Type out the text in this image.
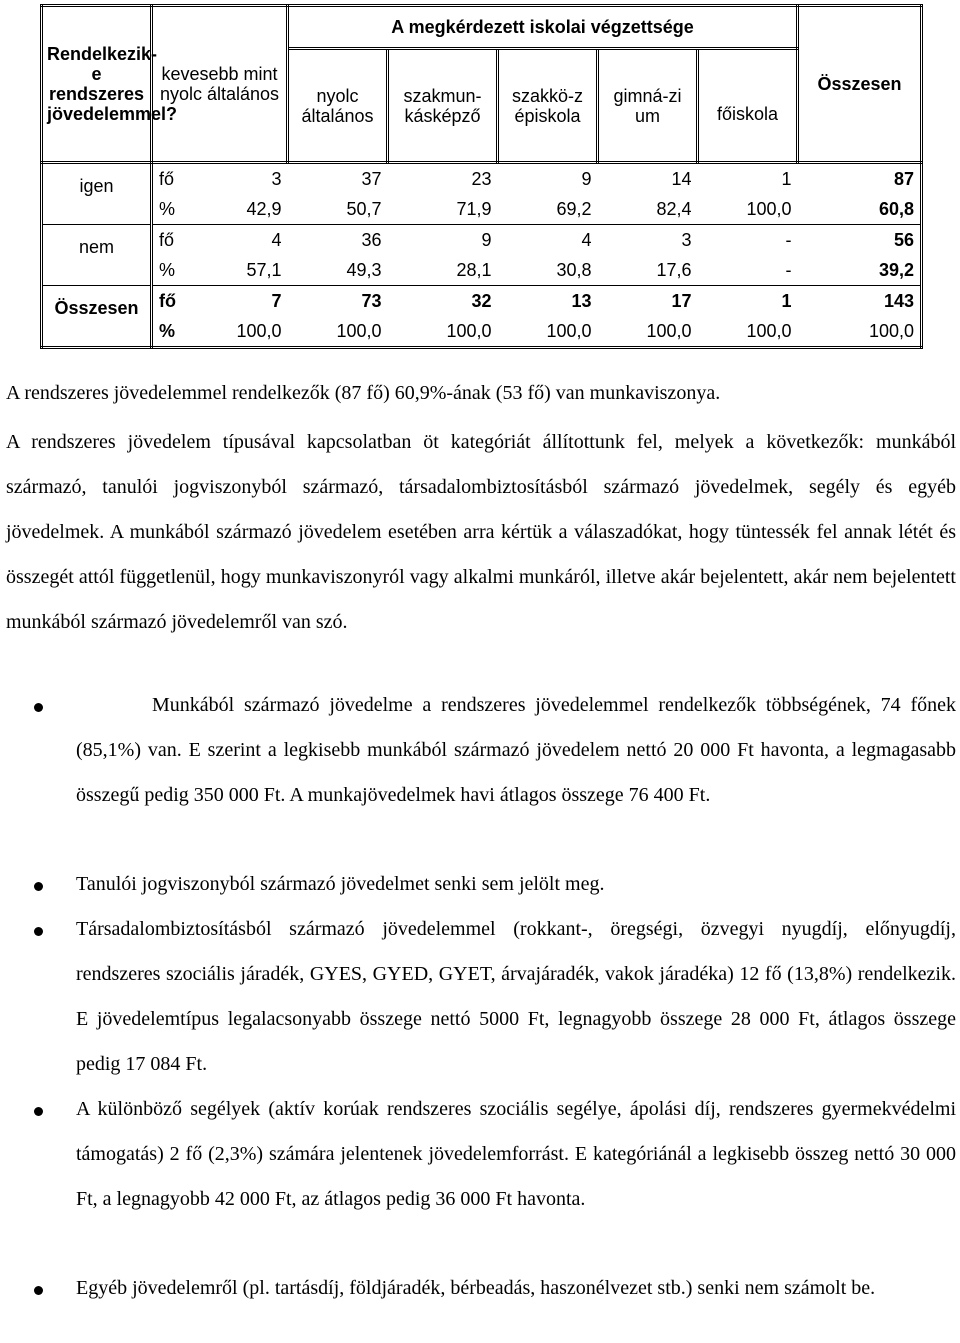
Rendelkezik-e rendszeres jövedelemmel?	kevesebb mint nyolc általános		A megkérdezett iskolai végzettsége					Összesen
			nyolc általános	szakmun-kásképző	szakkö-z épiskola	gimná-zi um	főiskola	
igen	fő	3	37	23	9	14	1	87
	%	42,9	50,7	71,9	69,2	82,4	100,0	60,8
nem	fő	4	36	9	4	3	-	56
	%	57,1	49,3	28,1	30,8	17,6	-	39,2
Összesen	fő	7	73	32	13	17	1	143
	%	100,0	100,0	100,0	100,0	100,0	100,0	100,0
A rendszeres jövedelemmel rendelkezők (87 fő) 60,9%-ának (53 fő) van munkaviszonya.
A rendszeres jövedelem típusával kapcsolatban öt kategóriát állítottunk fel, melyek a következők: munkából származó, tanulói jogviszonyból származó, társadalombiztosításból származó jövedelmek, segély és egyéb jövedelmek. A munkából származó jövedelem esetében arra kértük a válaszadókat, hogy tüntessék fel annak létét és összegét attól függetlenül, hogy munkaviszonyról vagy alkalmi munkáról, illetve akár bejelentett, akár nem bejelentett munkából származó jövedelemről van szó.
Munkából származó jövedelme a rendszeres jövedelemmel rendelkezők többségének, 74 főnek (85,1%) van. E szerint a legkisebb munkából származó jövedelem nettó 20 000 Ft havonta, a legmagasabb összegű pedig 350 000 Ft. A munkajövedelmek havi átlagos összege 76 400 Ft.
Tanulói jogviszonyból származó jövedelmet senki sem jelölt meg.
Társadalombiztosításból származó jövedelemmel (rokkant-, öregségi, özvegyi nyugdíj, előnyugdíj, rendszeres szociális járadék, GYES, GYED, GYET, árvajáradék, vakok járadéka) 12 fő (13,8%) rendelkezik. E jövedelemtípus legalacsonyabb összege nettó 5000 Ft, legnagyobb összege 28 000 Ft, átlagos összege pedig 17 084 Ft.
A különböző segélyek (aktív korúak rendszeres szociális segélye, ápolási díj, rendszeres gyermekvédelmi támogatás) 2 fő (2,3%) számára jelentenek jövedelemforrást. E kategóriánál a legkisebb összeg nettó 30 000 Ft, a legnagyobb 42 000 Ft, az átlagos pedig 36 000 Ft havonta.
Egyéb jövedelemről (pl. tartásdíj, földjáradék, bérbeadás, haszonélvezet stb.) senki nem számolt be.
